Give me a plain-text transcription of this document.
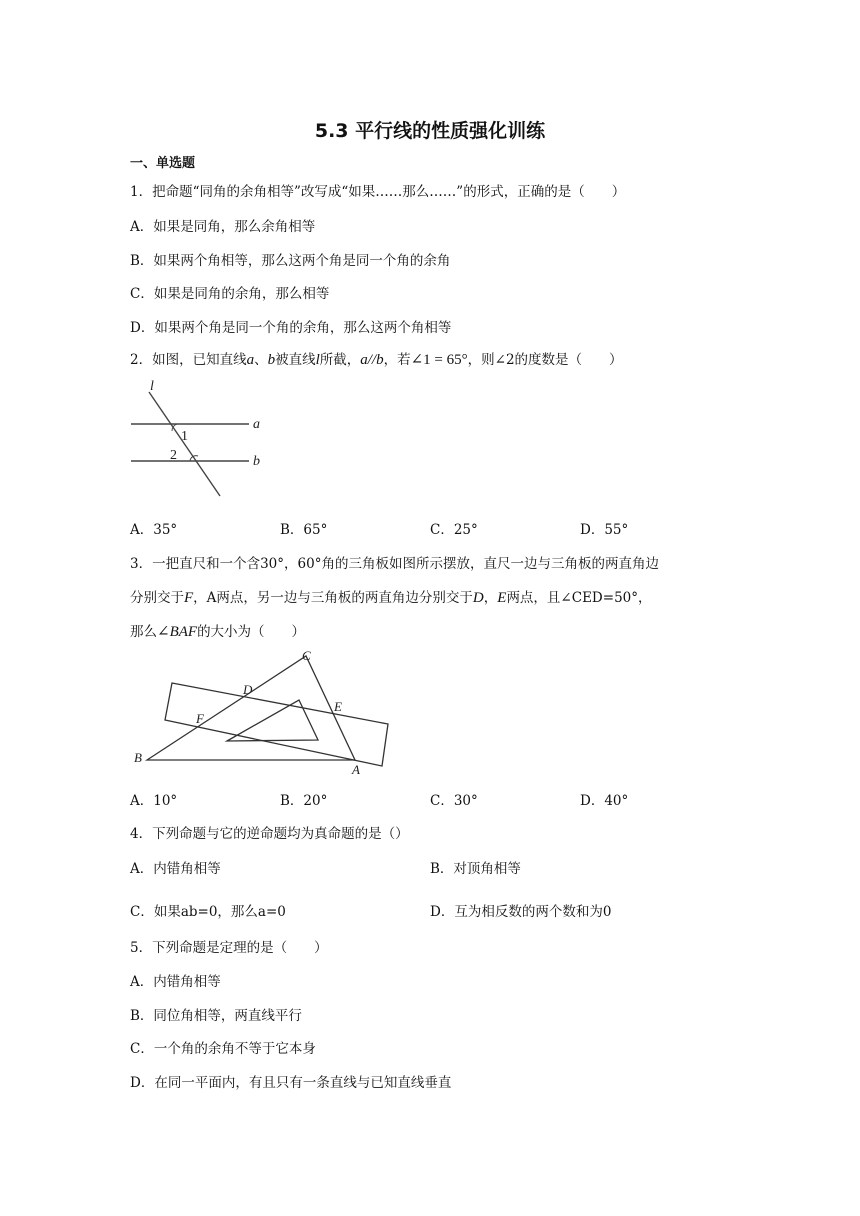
5.3 平行线的性质强化训练
一、单选题
1．把命题“同角的余角相等”改写成“如果……那么……”的形式，正确的是（　　）
A．如果是同角，那么余角相等
B．如果两个角相等，那么这两个角是同一个角的余角
C．如果是同角的余角，那么相等
D．如果两个角是同一个角的余角，那么这两个角相等
2．如图，已知直线a、b被直线l所截，a//b，若∠1 = 65°，则∠2的度数是（　　）
l
a
b
1
2
A．35°	B．65°	C．25°	D．55°
3．一把直尺和一个含30°，60°角的三角板如图所示摆放，直尺一边与三角板的两直角边
分别交于F，A两点，另一边与三角板的两直角边分别交于D，E两点，且∠CED=50°，
那么∠BAF的大小为（　　）
C
D
E
F
B
A
A．10°	B．20°	C．30°	D．40°
4．下列命题与它的逆命题均为真命题的是（）
A．内错角相等	B．对顶角相等
C．如果ab=0，那么a=0	D．互为相反数的两个数和为0
5．下列命题是定理的是（　　）
A．内错角相等
B．同位角相等，两直线平行
C．一个角的余角不等于它本身
D．在同一平面内，有且只有一条直线与已知直线垂直
